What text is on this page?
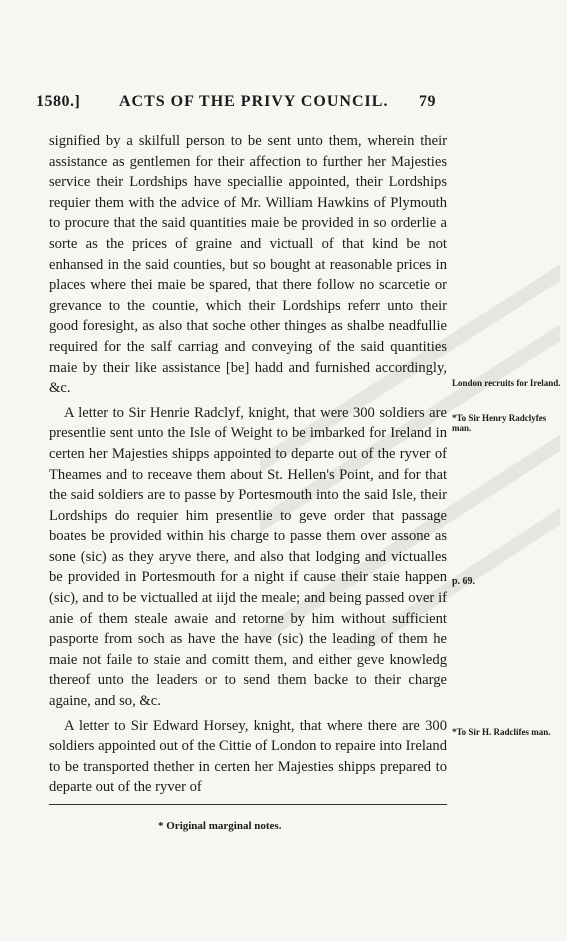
1580.] ACTS OF THE PRIVY COUNCIL. 79

signified by a skilfull person to be sent unto them, wherein their assistance as gentlemen for their affection to further her Majesties service their Lordships have speciallie appointed, their Lordships requier them with the advice of Mr. William Hawkins of Plymouth to procure that the said quantities maie be provided in so orderlie a sorte as the prices of graine and victuall of that kind be not enhansed in the said counties, but so bought at reasonable prices in places where thei maie be spared, that there follow no scarcetie or grevance to the countie, which their Lordships referr unto their good foresight, as also that soche other thinges as shalbe neadfullie required for the salf carriag and conveying of the said quantities maie by their like assistance [be] hadd and furnished accordingly, &c.

A letter to Sir Henrie Radclyf, knight, that were 300 soldiers are presentlie sent unto the Isle of Weight to be imbarked for Ireland in certen her Majesties shipps appointed to departe out of the ryver of Theames and to receave them about St. Hellen's Point, and for that the said soldiers are to passe by Portesmouth into the said Isle, their Lordships do requier him presentlie to geve order that passage boates be provided within his charge to passe them over assone as sone (sic) as they aryve there, and also that lodging and victualles be provided in Portesmouth for a night if cause their staie happen (sic), and to be victualled at iijd the meale; and being passed over if anie of them steale awaie and retorne by him without sufficient pasporte from soch as have the have (sic) the leading of them he maie not faile to staie and comitt them, and either geve knowledg thereof unto the leaders or to send them backe to their charge againe, and so, &c.

A letter to Sir Edward Horsey, knight, that where there are 300 soldiers appointed out of the Cittie of London to repaire into Ireland to be transported thether in certen her Majesties shipps prepared to departe out of the ryver of

London recruits for Ireland.
*To Sir Henry Radclyfes man.
p. 69.
*To Sir H. Radclifes man.
* Original marginal notes.
